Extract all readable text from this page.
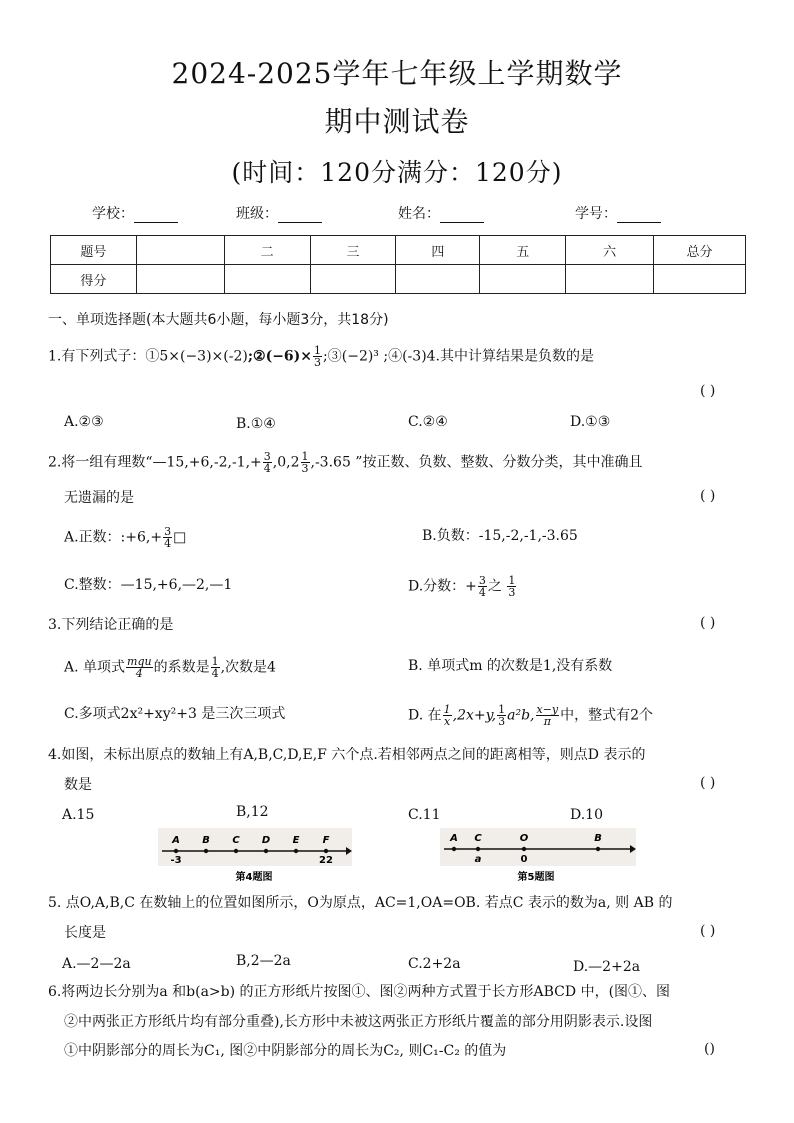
2024-2025学年七年级上学期数学
期中测试卷
(时间：120分满分：120分)
学校：	班级：	姓名：	学号：
题号		二	三	四	五	六	总分
得分							
一、单项选择题(本大题共6小题，每小题3分，共18分)
1.有下列式子：①5×(−3)×(-2);②(−6)× $\frac{1}{3}$ ;③(−2)³ ;④(-3)4.其中计算结果是负数的是
( )
A.②③	B.①④	C.②④	D.①③
2.将一组有理数“—15,+6,-2,-1,+ $\frac{3}{4} ,0,2 \frac{1}{3} ,-3.65$ ”按正数、负数、整数、分数分类，其中准确且
无遗漏的是	( )
A.正数：:+6,+ $\frac{3}{4}$ □	B.负数：-15,-2,-1,-3.65
C.整数：—15,+6,—2,—1	D.分数：+ $\frac{3}{4}$ 之 $\frac{1}{3}$
3.下列结论正确的是	( )
A. 单项式 $\frac{\text{mqu}}{4}$ 的系数是 $\frac{1}{4}$ ,次数是4	B. 单项式m 的次数是1,没有系数
C.多项式2x²+xy²+3 是三次三项式	D. 在 $\frac{1}{x} ,2x+y$, $\frac{1}{3} a^2b$, $\frac{x-y}{\pi}$ 中，整式有2个
4.如图，未标出原点的数轴上有A,B,C,D,E,F 六个点.若相邻两点之间的距离相等，则点D 表示的
数是	( )
A.15	B,12	C.11	D.10
A B C D E F
-3	22
第4题图
A C	O	B
a	0
第5题图
5. 点O,A,B,C 在数轴上的位置如图所示，O为原点，AC=1,OA=OB. 若点C 表示的数为a, 则 AB 的
长度是	( )
A.—2—2a	B,2—2a	C.2+2a	D.—2+2a
6.将两边长分别为a 和b(a>b) 的正方形纸片按图①、图②两种方式置于长方形ABCD 中，(图①、图
②中两张正方形纸片均有部分重叠),长方形中未被这两张正方形纸片覆盖的部分用阴影表示.设图
①中阴影部分的周长为C₁, 图②中阴影部分的周长为C₂, 则C₁-C₂ 的值为	()
